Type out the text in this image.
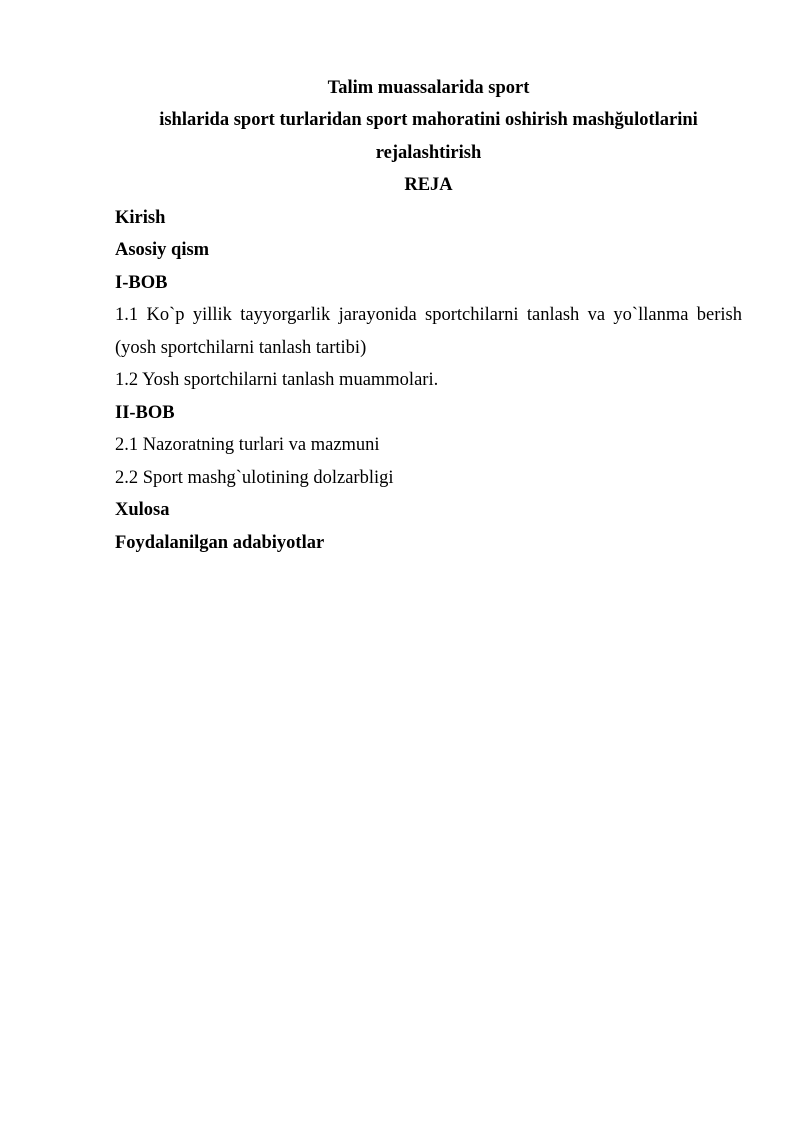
Talim muassalarida sport
ishlarida sport turlaridan sport mahoratini oshirish mashğulotlarini
rejalashtirish
REJA
Kirish
Asosiy qism
I-BOB
1.1 Ko`p yillik tayyorgarlik jarayonida sportchilarni tanlash va yo`llanma berish
(yosh sportchilarni tanlash tartibi)
1.2 Yosh sportchilarni tanlash muammolari.
II-BOB
2.1 Nazoratning turlari va mazmuni
2.2 Sport mashg`ulotining dolzarbligi
Xulosa
Foydalanilgan adabiyotlar
